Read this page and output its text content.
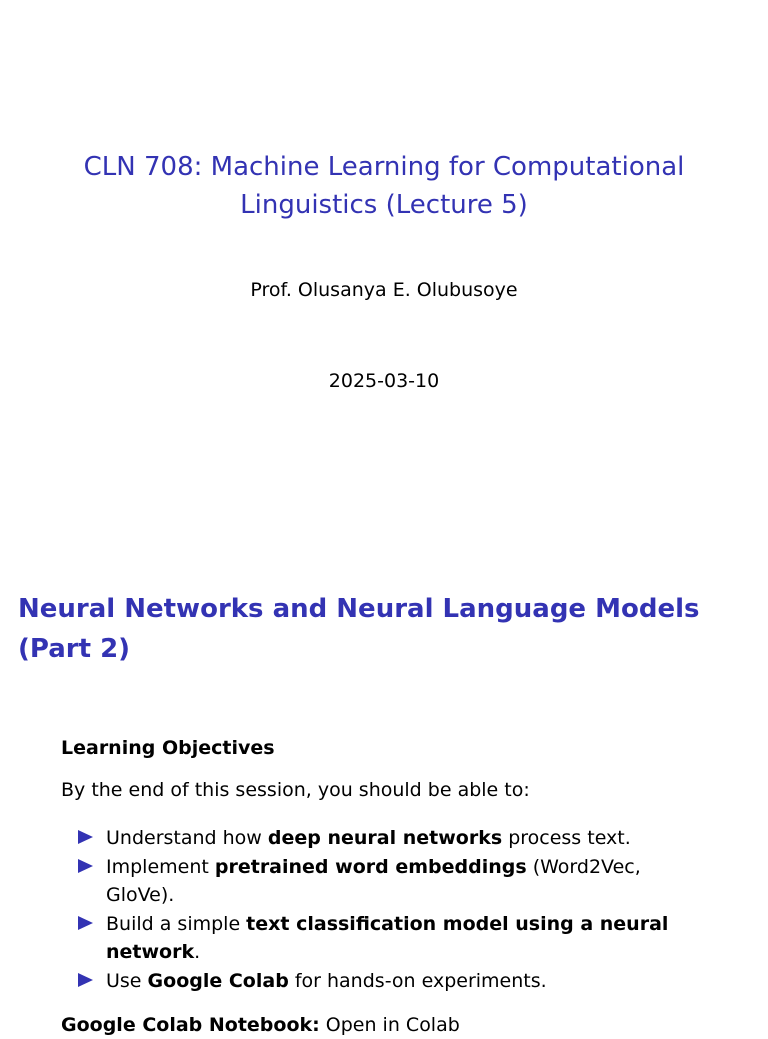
CLN 708: Machine Learning for Computational Linguistics (Lecture 5)
Prof. Olusanya E. Olubusoye
2025-03-10
Neural Networks and Neural Language Models (Part 2)
Learning Objectives

By the end of this session, you should be able to:

Understand how deep neural networks process text.
Implement pretrained word embeddings (Word2Vec, GloVe).
Build a simple text classification model using a neural network.
Use Google Colab for hands-on experiments.
Google Colab Notebook: Open in Colab
